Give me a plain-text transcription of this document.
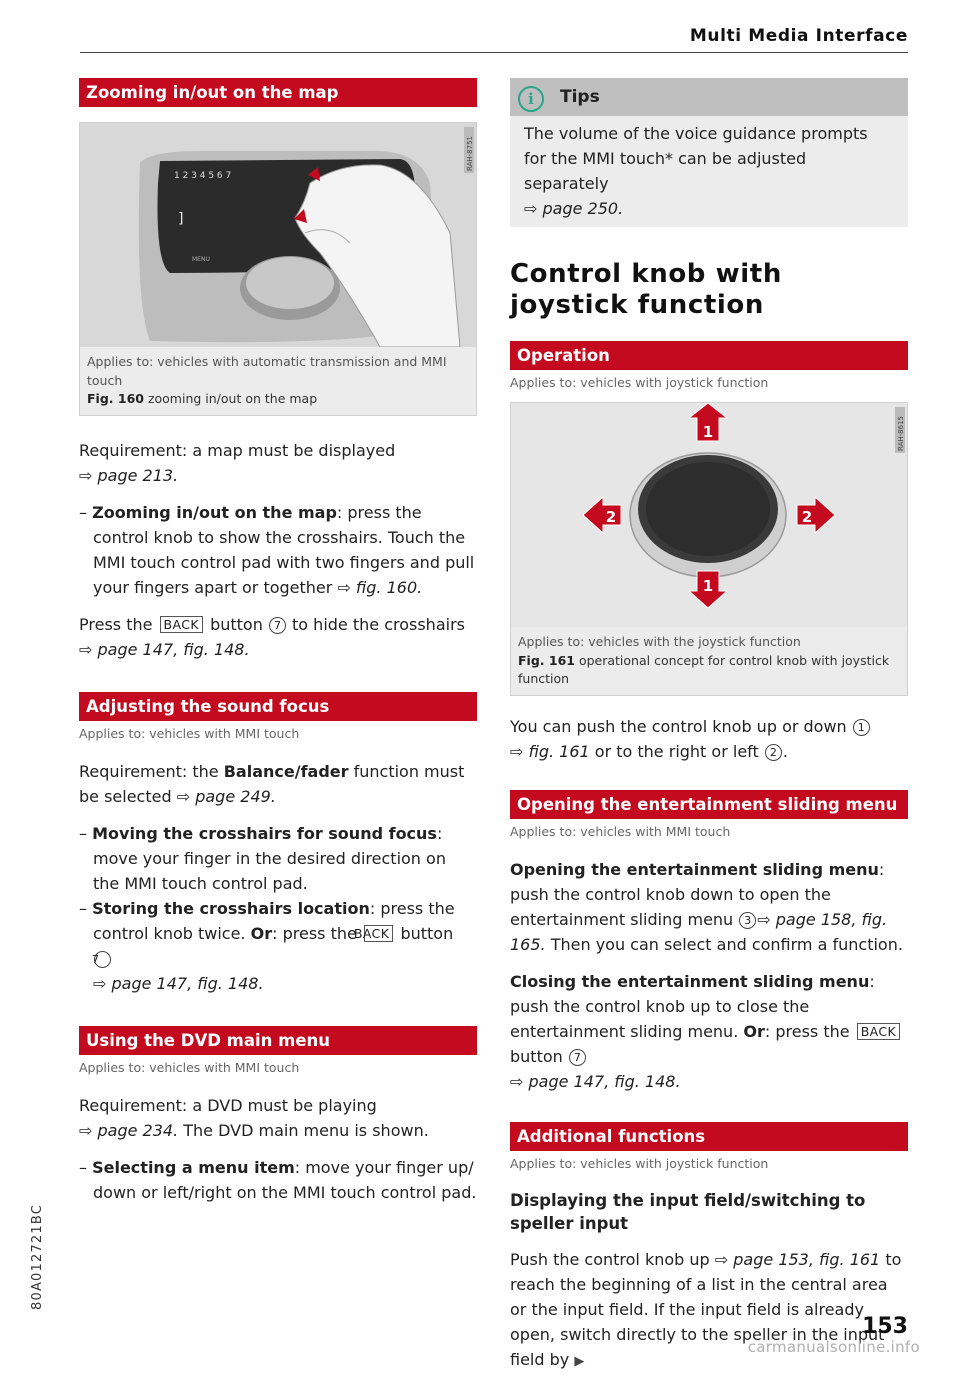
Multi Media Interface
Zooming in/out on the map
1 2 3 4 5 6 7
]
MENU
RAH-8751
Applies to: vehicles with automatic transmission and MMI touch
Fig. 160 zooming in/out on the map

Requirement: a map must be displayed
⇨ page 213.

– Zooming in/out on the map: press the control knob to show the crosshairs. Touch the MMI touch control pad with two fingers and pull your fingers apart or together ⇨ fig. 160.

Press the BACK button 7 to hide the crosshairs
⇨ page 147, fig. 148.

Adjusting the sound focus
Applies to: vehicles with MMI touch

Requirement: the Balance/fader function must be selected ⇨ page 249.

– Moving the crosshairs for sound focus: move your finger in the desired direction on the MMI touch control pad.

– Storing the crosshairs location: press the control knob twice. Or: press the BACK button 7
⇨ page 147, fig. 148.

Using the DVD main menu
Applies to: vehicles with MMI touch

Requirement: a DVD must be playing
⇨ page 234. The DVD main menu is shown.

– Selecting a menu item: move your finger up/ down or left/right on the MMI touch control pad.

i Tips
The volume of the voice guidance prompts for the MMI touch* can be adjusted separately
⇨ page 250.
Control knob with joystick function
Operation
Applies to: vehicles with joystick function
1
1
2	2
RAH-8615
Applies to: vehicles with the joystick function
Fig. 161 operational concept for control knob with joystick function

You can push the control knob up or down 1
⇨ fig. 161 or to the right or left 2 .

Opening the entertainment sliding menu
Applies to: vehicles with MMI touch

Opening the entertainment sliding menu: push the control knob down to open the entertainment sliding menu 3 ⇨ page 158, fig. 165. Then you can select and confirm a function.

Closing the entertainment sliding menu: push the control knob up to close the entertainment sliding menu. Or: press the BACK button 7
⇨ page 147, fig. 148.

Additional functions
Applies to: vehicles with joystick function
Displaying the input field/switching to speller input

Push the control knob up ⇨ page 153, fig. 161 to reach the beginning of a list in the central area or the input field. If the input field is already open, switch directly to the speller in the input field by ▶

80A012721BC
153
carmanualsonline.info
